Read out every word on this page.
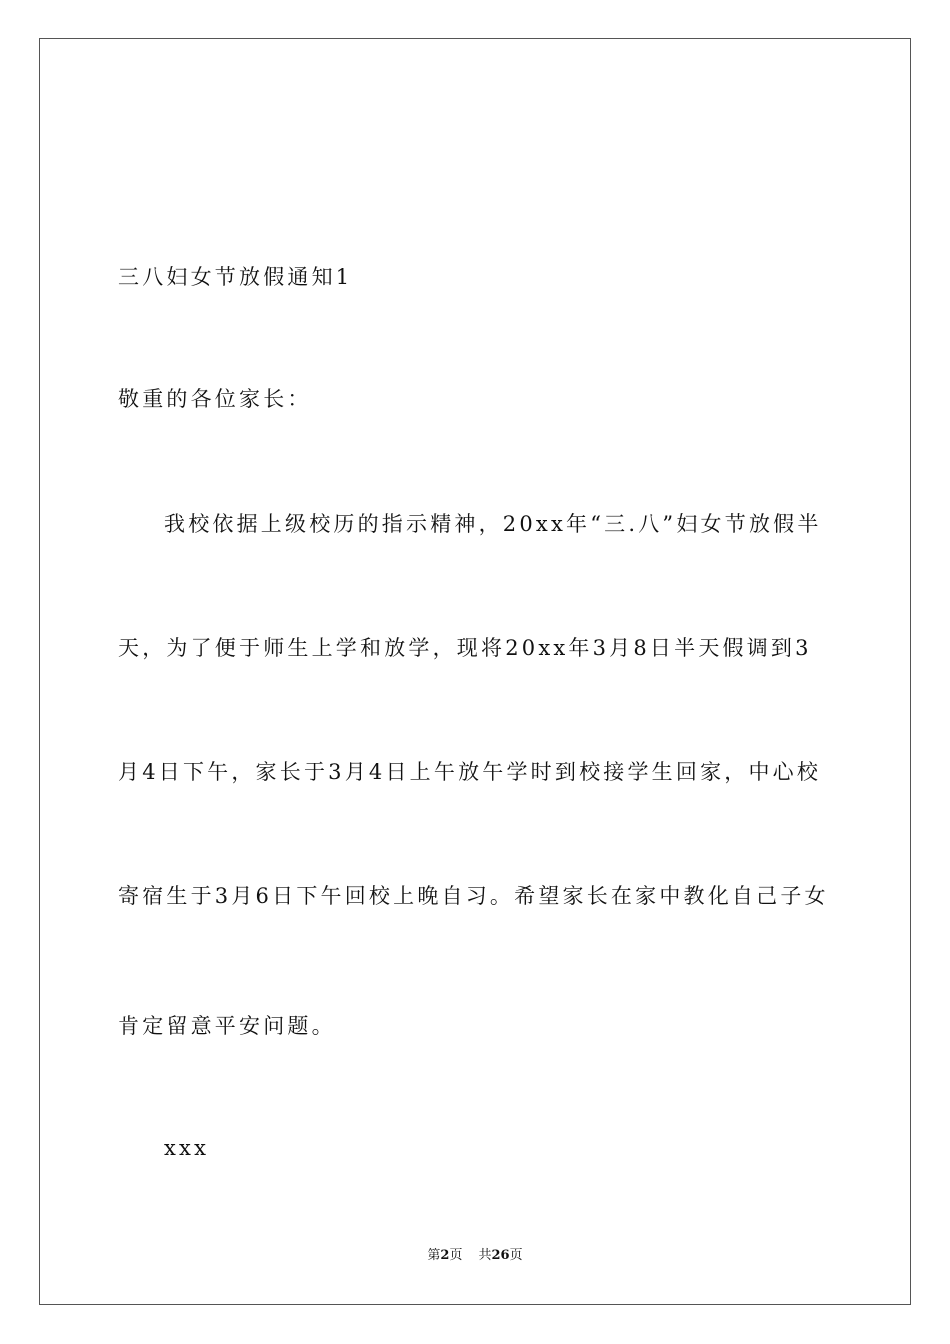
三八妇女节放假通知1
敬重的各位家长：
我校依据上级校历的指示精神，20xx年“三.八”妇女节放假半
天，为了便于师生上学和放学，现将20xx年3月8日半天假调到3
月4日下午，家长于3月4日上午放午学时到校接学生回家，中心校
寄宿生于3月6日下午回校上晚自习。希望家长在家中教化自己子女
肯定留意平安问题。
xxx
第2页 共26页
